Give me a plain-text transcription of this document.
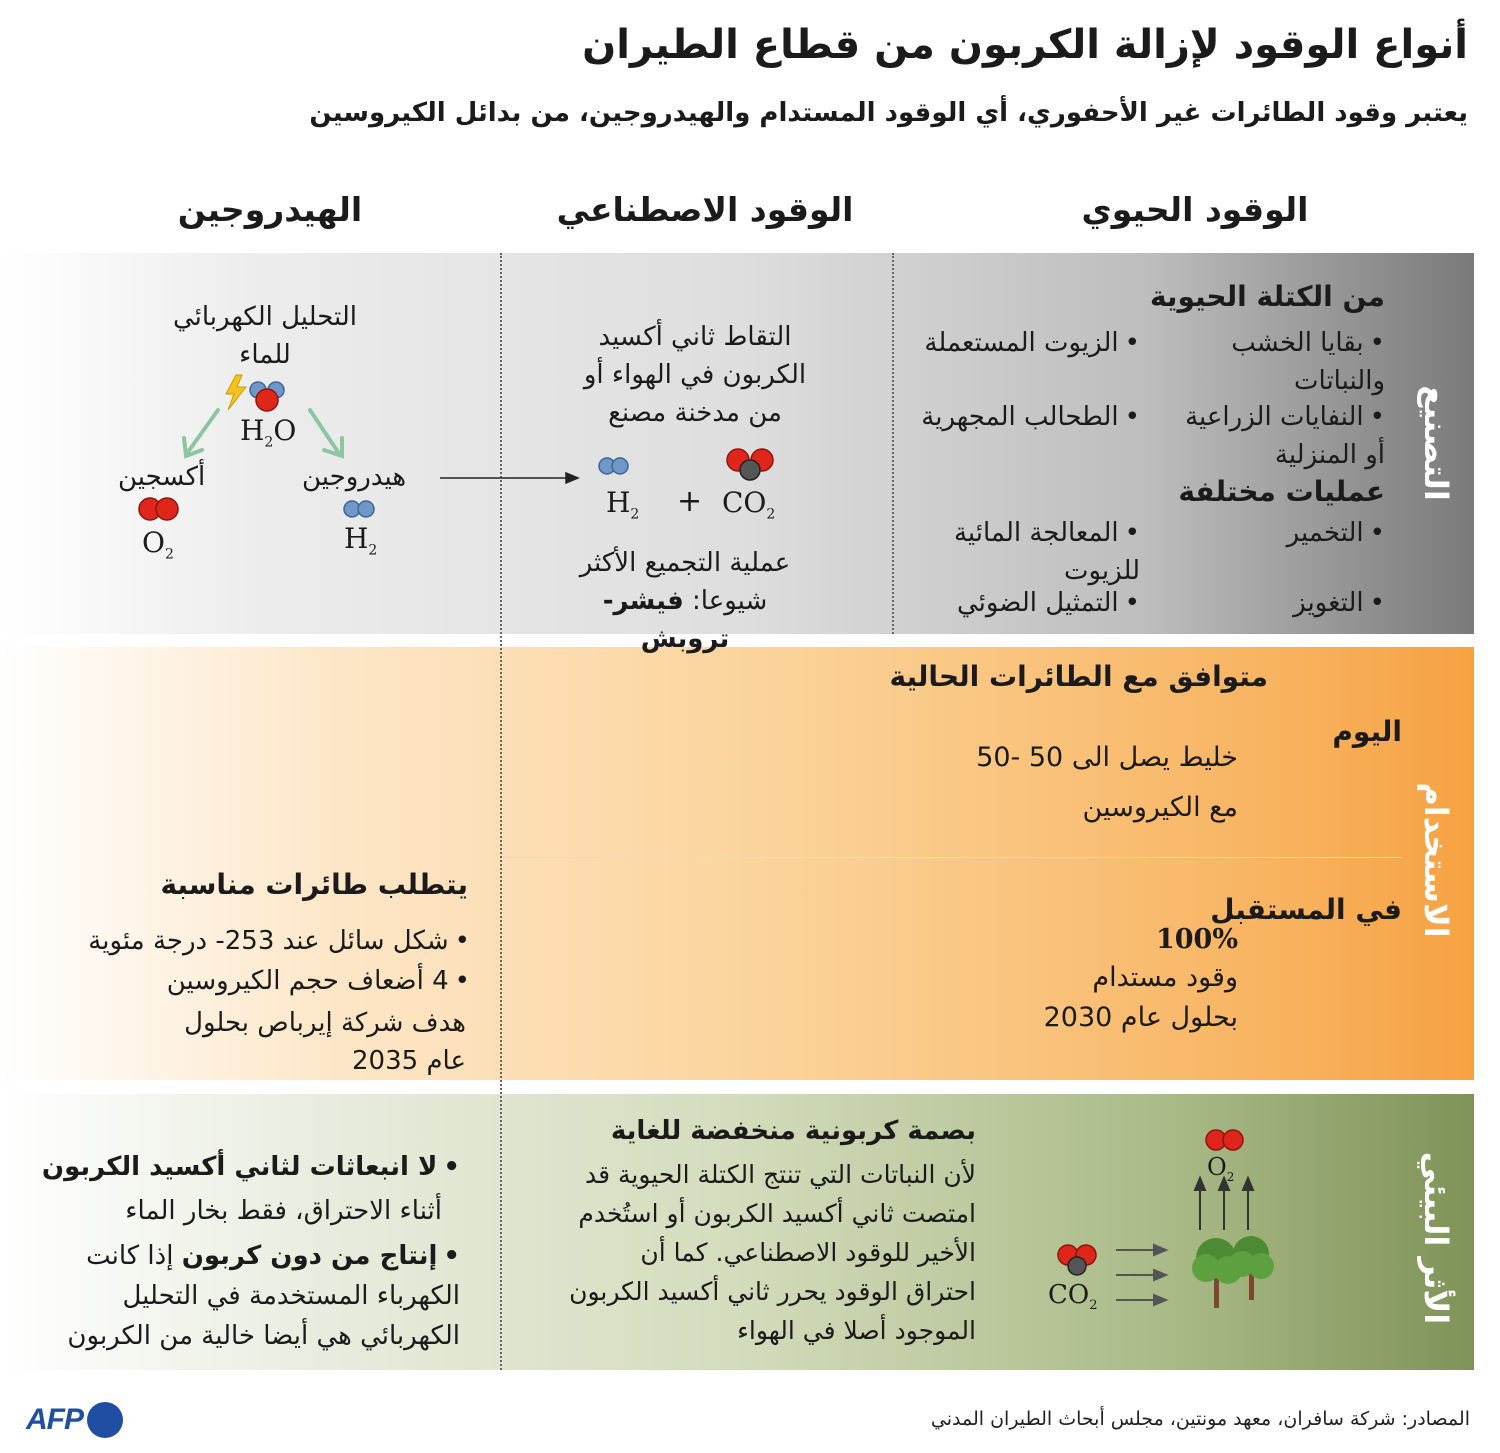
أنواع الوقود لإزالة الكربون من قطاع الطيران
يعتبر وقود الطائرات غير الأحفوري، أي الوقود المستدام والهيدروجين، من بدائل الكيروسين
الوقود الحيوي
الوقود الاصطناعي
الهيدروجين
التصنيع
الاستخدام
الأثر البيئي
من الكتلة الحيوية
• بقايا الخشب والنباتات
• النفايات الزراعية أو المنزلية
• الزيوت المستعملة
• الطحالب المجهرية
عمليات مختلفة
• التخمير
• التغويز
• المعالجة المائية للزيوت
• التمثيل الضوئي
التقاط ثاني أكسيد الكربون في الهواء أو من مدخنة مصنع
$H_2 + CO_2$
عملية التجميع الأكثر شيوعا: فيشر-تروبش
التحليل الكهربائي للماء
$H_2O$
أكسجين	هيدروجين
$O_2$	$H_2$
متوافق مع الطائرات الحالية
اليوم
خليط يصل الى 50 -50
مع الكيروسين
في المستقبل
100%
وقود مستدام
بحلول عام 2030
يتطلب طائرات مناسبة
• شكل سائل عند 253- درجة مئوية
• 4 أضعاف حجم الكيروسين
هدف شركة إيرباص بحلول عام 2035
بصمة كربونية منخفضة للغاية
لأن النباتات التي تنتج الكتلة الحيوية قد امتصت ثاني أكسيد الكربون أو استُخدم الأخير للوقود الاصطناعي. كما أن احتراق الوقود يحرر ثاني أكسيد الكربون الموجود أصلا في الهواء
$O_2$
$CO_2$
• لا انبعاثات لثاني أكسيد الكربون
أثناء الاحتراق، فقط بخار الماء
• إنتاج من دون كربون إذا كانت الكهرباء المستخدمة في التحليل الكهربائي هي أيضا خالية من الكربون
المصادر: شركة سافران، معهد مونتين، مجلس أبحاث الطيران المدني
AFP
